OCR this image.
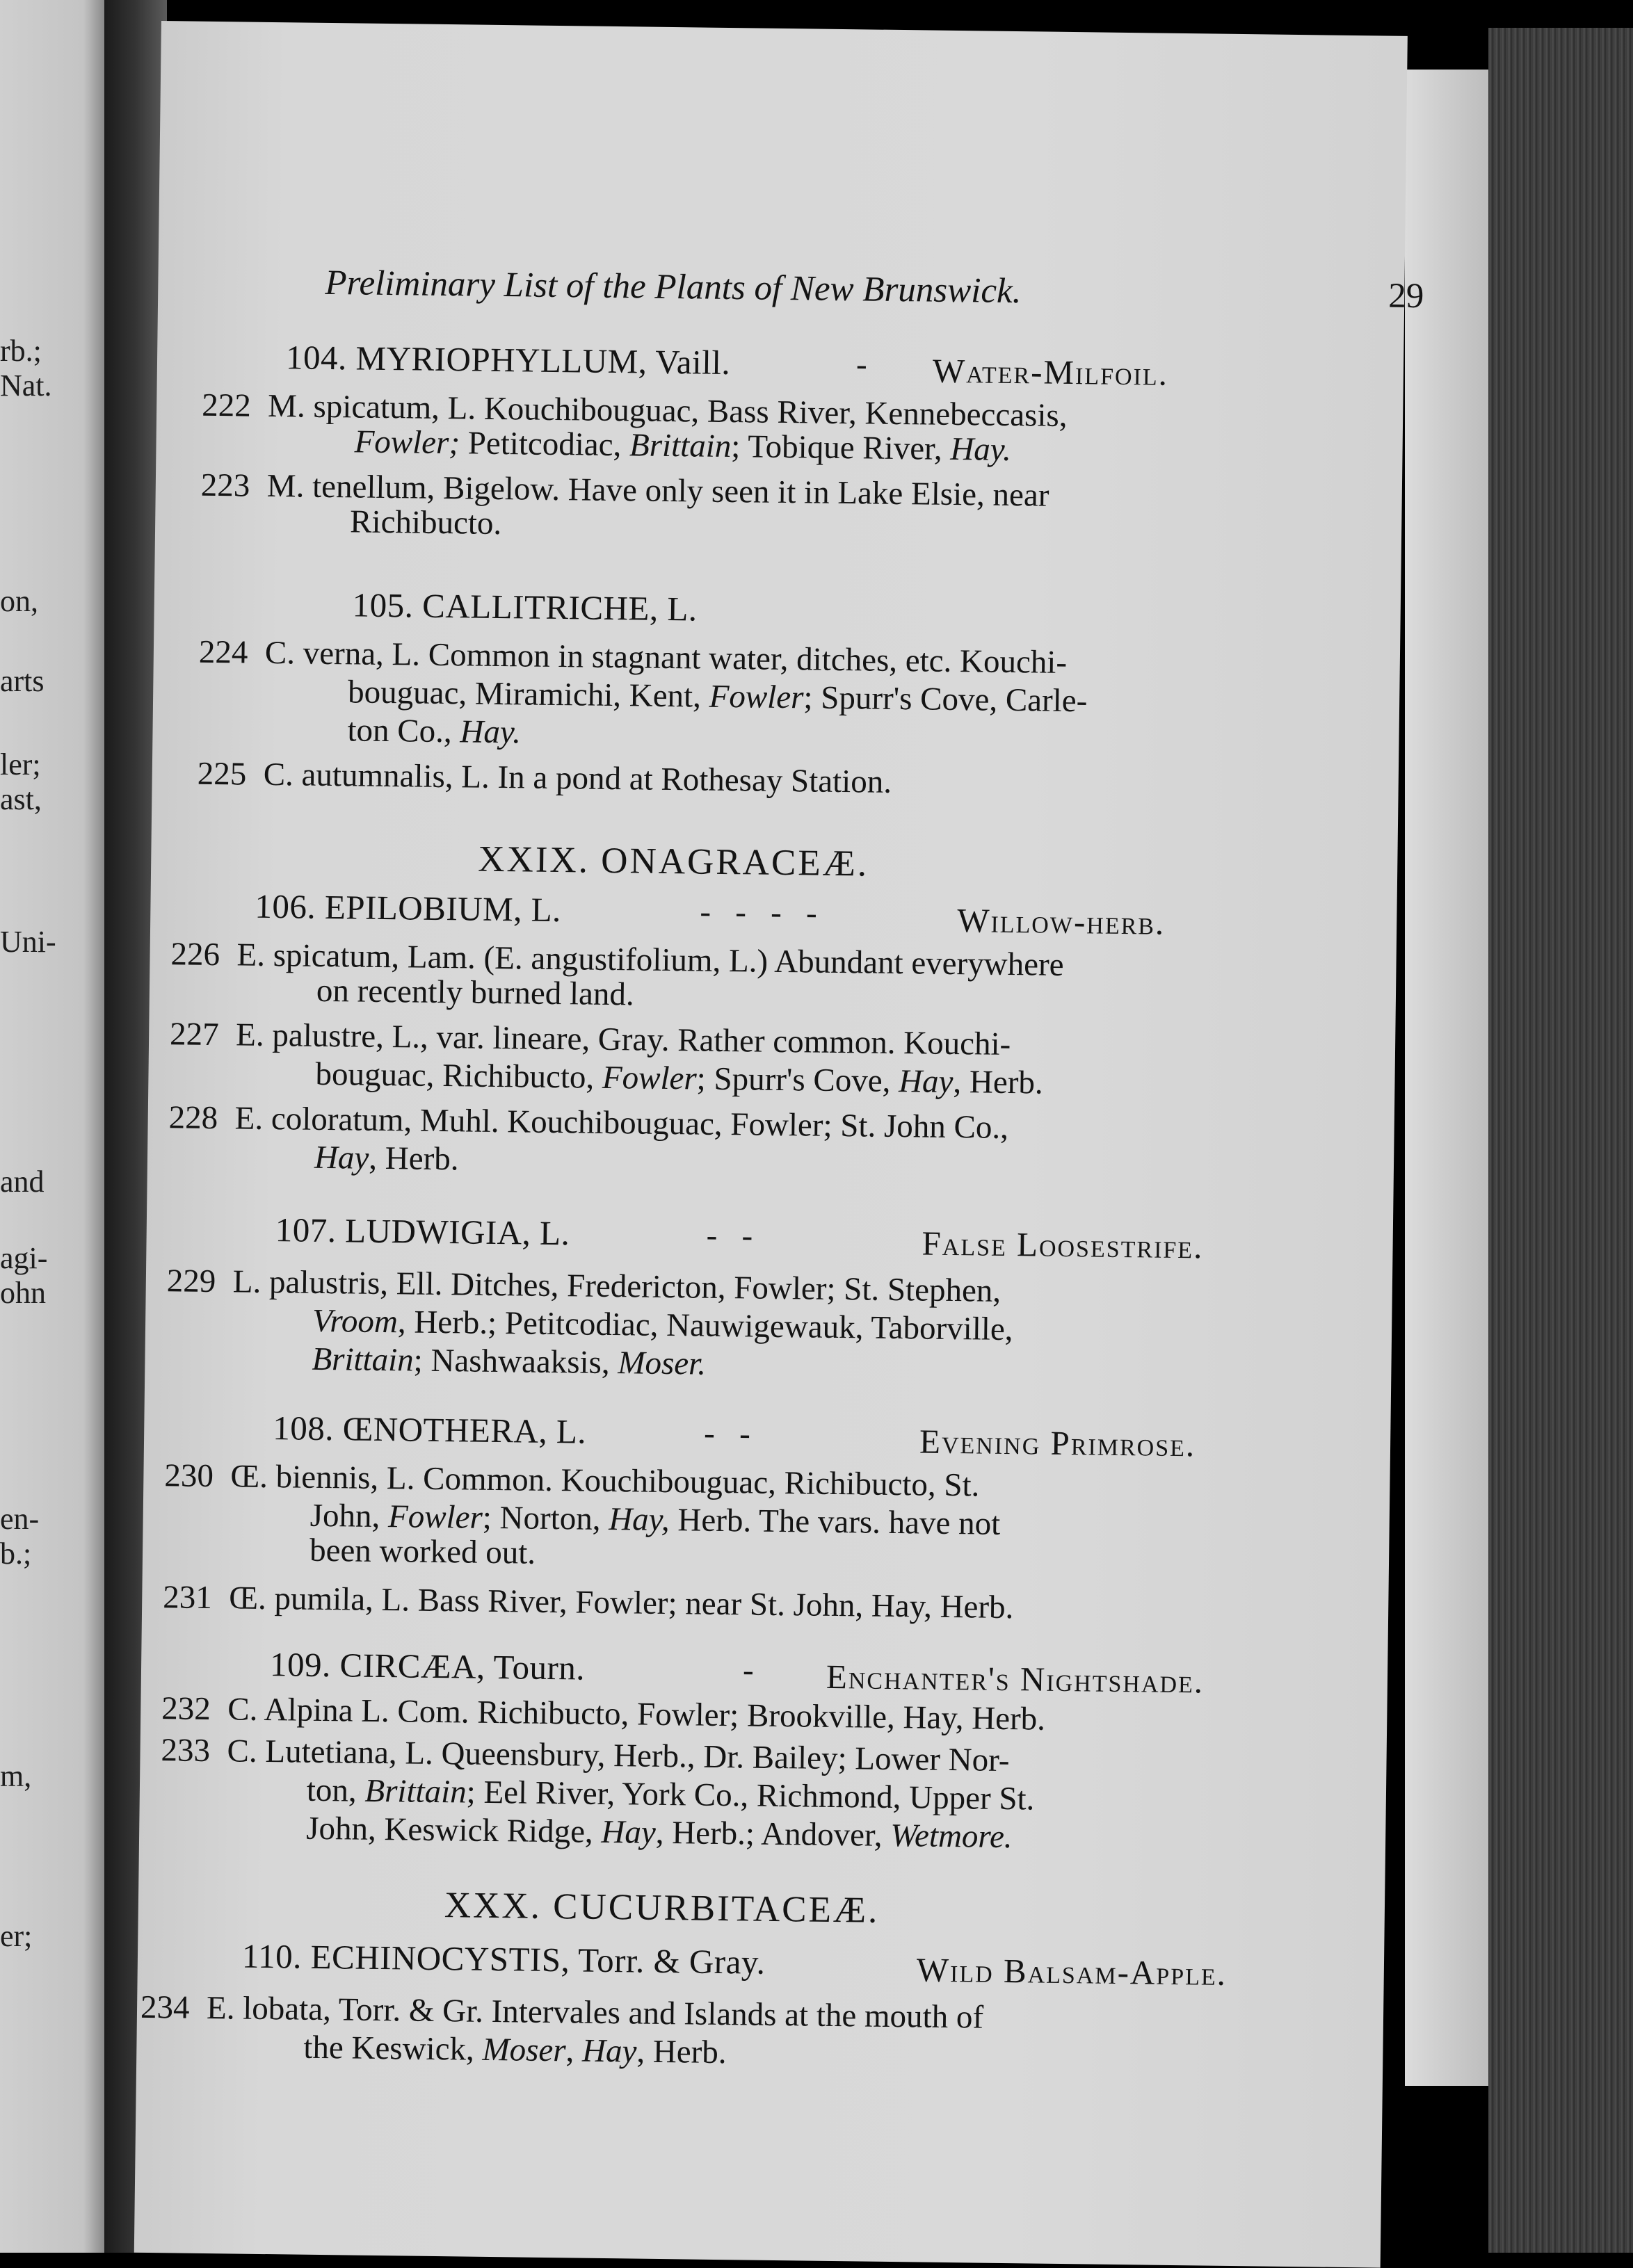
rb.;
Nat.
on,
arts
ler;
ast,
Uni-
and
agi-
ohn
en-
b.;
m,
er;
Preliminary List of the Plants of New Brunswick.	29
104. MYRIOPHYLLUM, Vaill.	- Water-Milfoil.
222 M. spicatum, L. Kouchibouguac, Bass River, Kennebeccasis,
Fowler; Petitcodiac, Brittain; Tobique River, Hay.
223 M. tenellum, Bigelow. Have only seen it in Lake Elsie, near
Richibucto.
105. CALLITRICHE, L.
224 C. verna, L. Common in stagnant water, ditches, etc. Kouchi-
bouguac, Miramichi, Kent, Fowler; Spurr's Cove, Carle-
ton Co., Hay.
225 C. autumnalis, L. In a pond at Rothesay Station.
XXIX. ONAGRACEÆ.
106. EPILOBIUM, L.	-   -   -   -	Willow-herb.
226 E. spicatum, Lam. (E. angustifolium, L.) Abundant everywhere
on recently burned land.
227 E. palustre, L., var. lineare, Gray. Rather common. Kouchi-
bouguac, Richibucto, Fowler; Spurr's Cove, Hay, Herb.
228 E. coloratum, Muhl. Kouchibouguac, Fowler; St. John Co.,
Hay, Herb.
107. LUDWIGIA, L.	-   -	False Loosestrife.
229 L. palustris, Ell. Ditches, Fredericton, Fowler; St. Stephen,
Vroom, Herb.; Petitcodiac, Nauwigewauk, Taborville,
Brittain; Nashwaaksis, Moser.
108. ŒNOTHERA, L.	-   -	Evening Primrose.
230 Œ. biennis, L. Common. Kouchibouguac, Richibucto, St.
John, Fowler; Norton, Hay, Herb. The vars. have not
been worked out.
231 Œ. pumila, L. Bass River, Fowler; near St. John, Hay, Herb.
109. CIRCÆA, Tourn.	- Enchanter's Nightshade.
232 C. Alpina L. Com. Richibucto, Fowler; Brookville, Hay, Herb.
233 C. Lutetiana, L. Queensbury, Herb., Dr. Bailey; Lower Nor-
ton, Brittain; Eel River, York Co., Richmond, Upper St.
John, Keswick Ridge, Hay, Herb.; Andover, Wetmore.
XXX. CUCURBITACEÆ.
110. ECHINOCYSTIS, Torr. & Gray.	Wild Balsam-Apple.
234 E. lobata, Torr. & Gr. Intervales and Islands at the mouth of
the Keswick, Moser, Hay, Herb.
